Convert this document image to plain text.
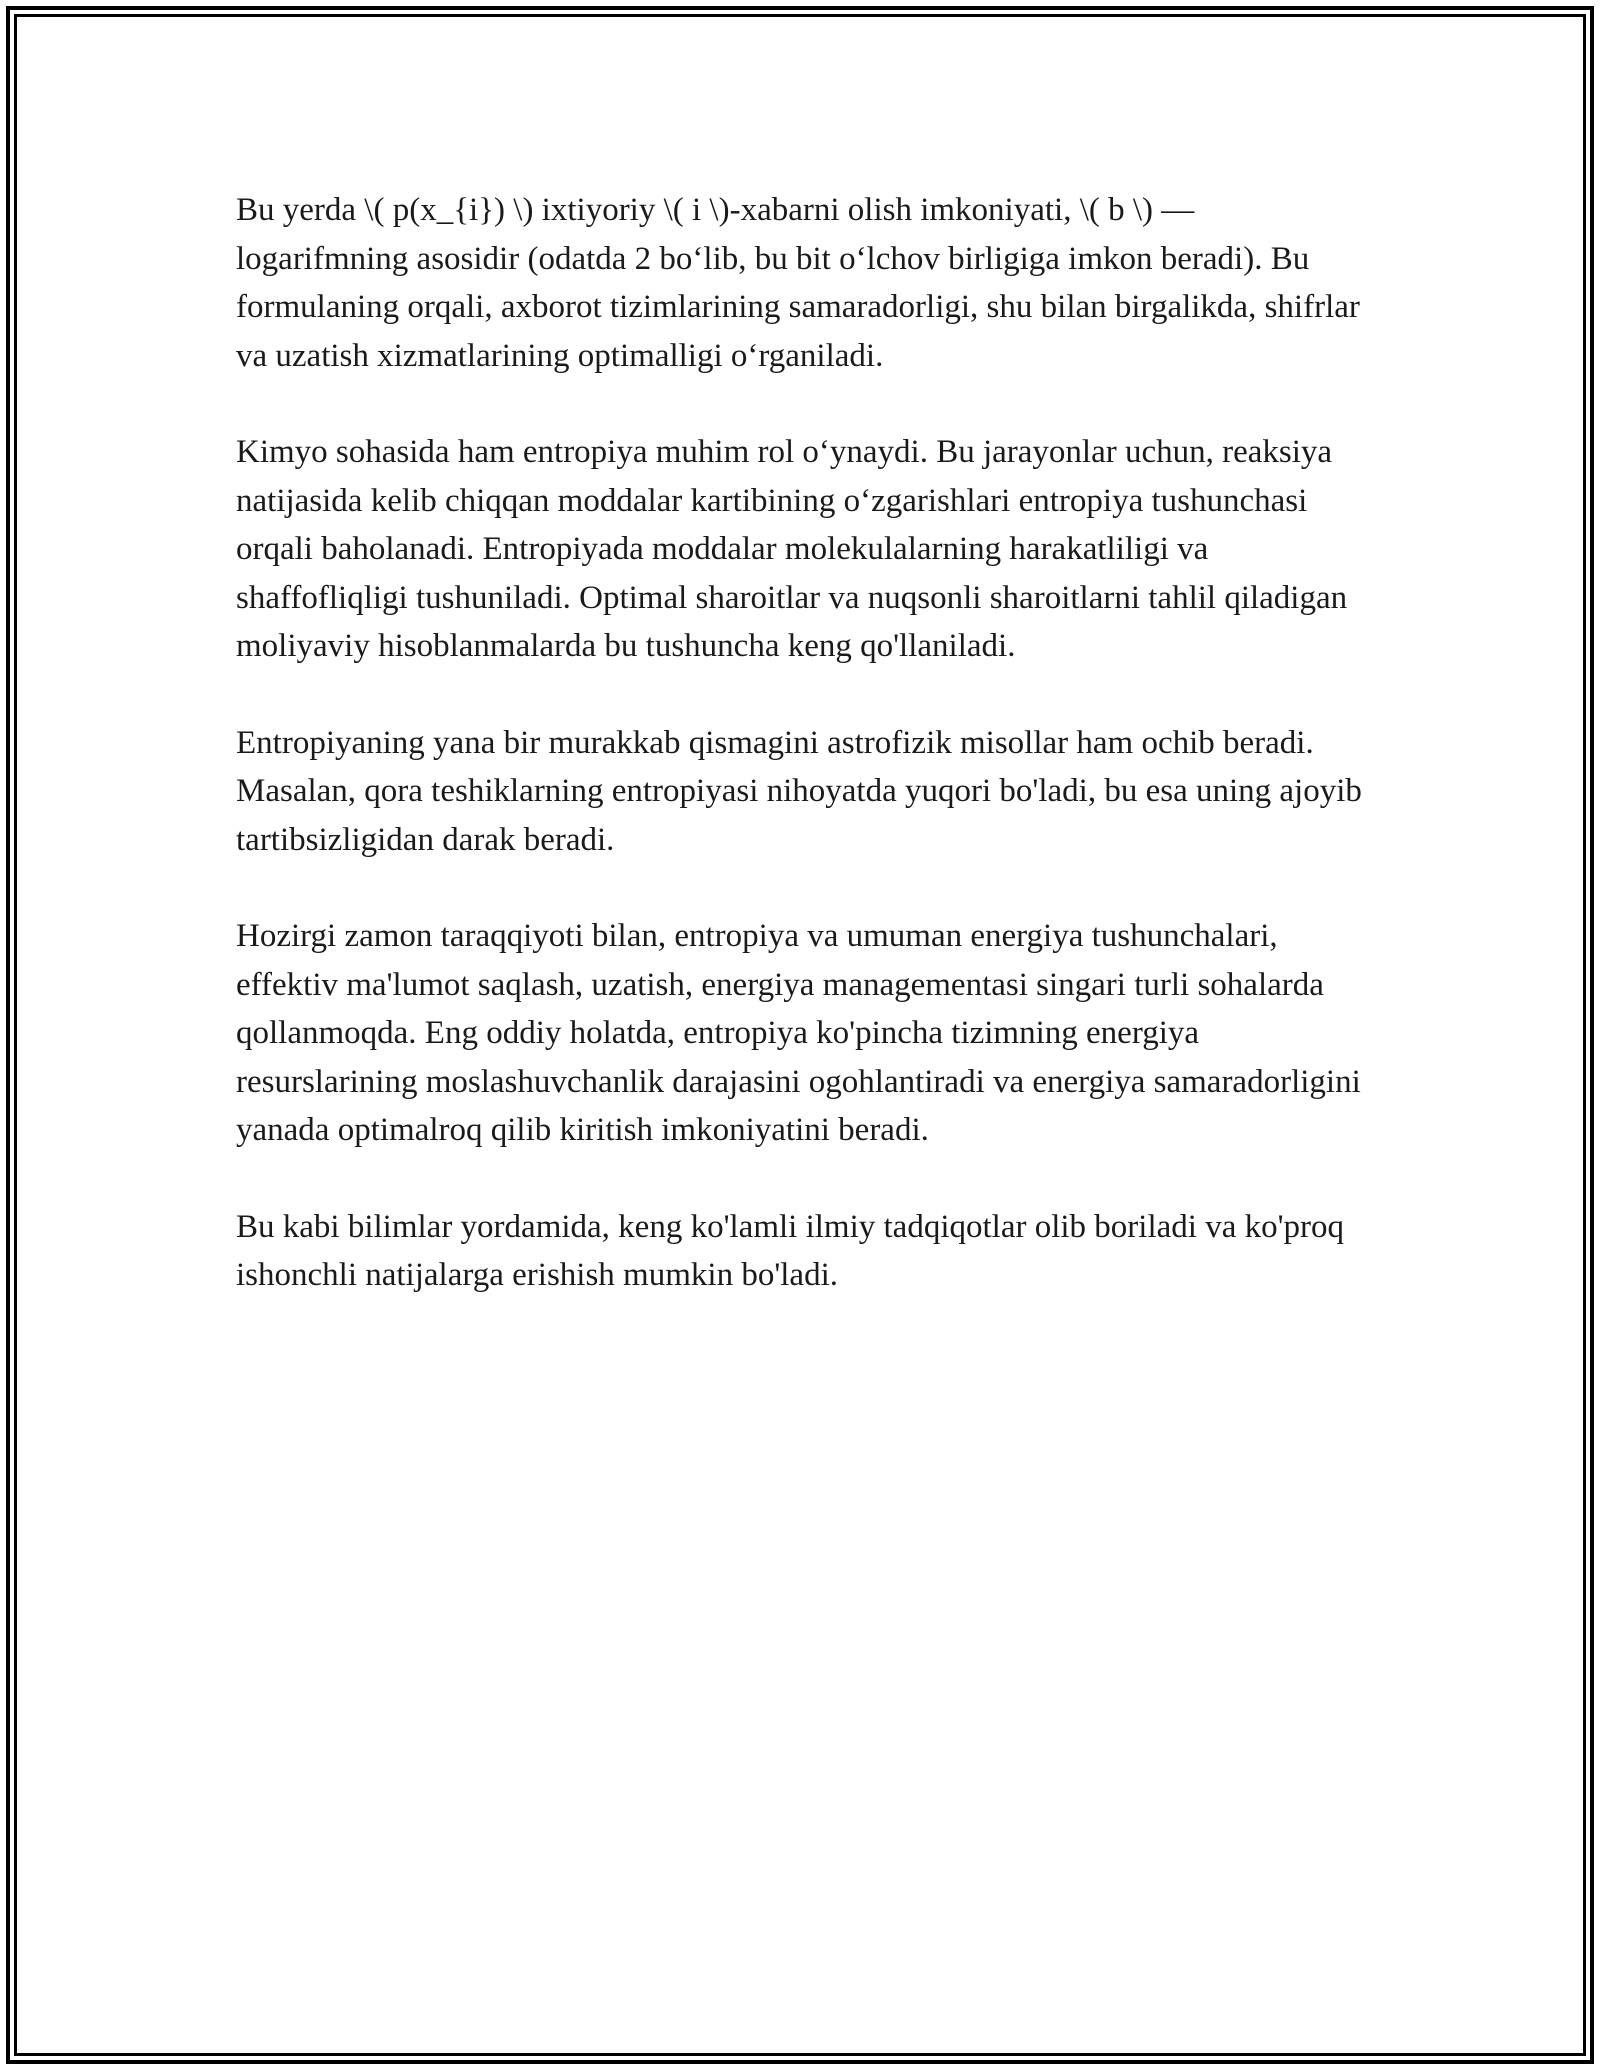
Bu yerda \( p(x_{i}) \) ixtiyoriy \( i \)-xabarni olish imkoniyati, \( b \) — logarifmning asosidir (odatda 2 bo‘lib, bu bit o‘lchov birligiga imkon beradi). Bu formulaning orqali, axborot tizimlarining samaradorligi, shu bilan birgalikda, shifrlar va uzatish xizmatlarining optimalligi o‘rganiladi.

Kimyo sohasida ham entropiya muhim rol o‘ynaydi. Bu jarayonlar uchun, reaksiya natijasida kelib chiqqan moddalar kartibining o‘zgarishlari entropiya tushunchasi orqali baholanadi. Entropiyada moddalar molekulalarning harakatliligi va shaffofliqligi tushuniladi. Optimal sharoitlar va nuqsonli sharoitlarni tahlil qiladigan moliyaviy hisoblanmalarda bu tushuncha keng qo'llaniladi.

Entropiyaning yana bir murakkab qismagini astrofizik misollar ham ochib beradi. Masalan, qora teshiklarning entropiyasi nihoyatda yuqori bo'ladi, bu esa uning ajoyib tartibsizligidan darak beradi.

Hozirgi zamon taraqqiyoti bilan, entropiya va umuman energiya tushunchalari, effektiv ma'lumot saqlash, uzatish, energiya managementasi singari turli sohalarda qollanmoqda. Eng oddiy holatda, entropiya ko'pincha tizimning energiya resurslarining moslashuvchanlik darajasini ogohlantiradi va energiya samaradorligini yanada optimalroq qilib kiritish imkoniyatini beradi.

Bu kabi bilimlar yordamida, keng ko'lamli ilmiy tadqiqotlar olib boriladi va ko'proq ishonchli natijalarga erishish mumkin bo'ladi.
